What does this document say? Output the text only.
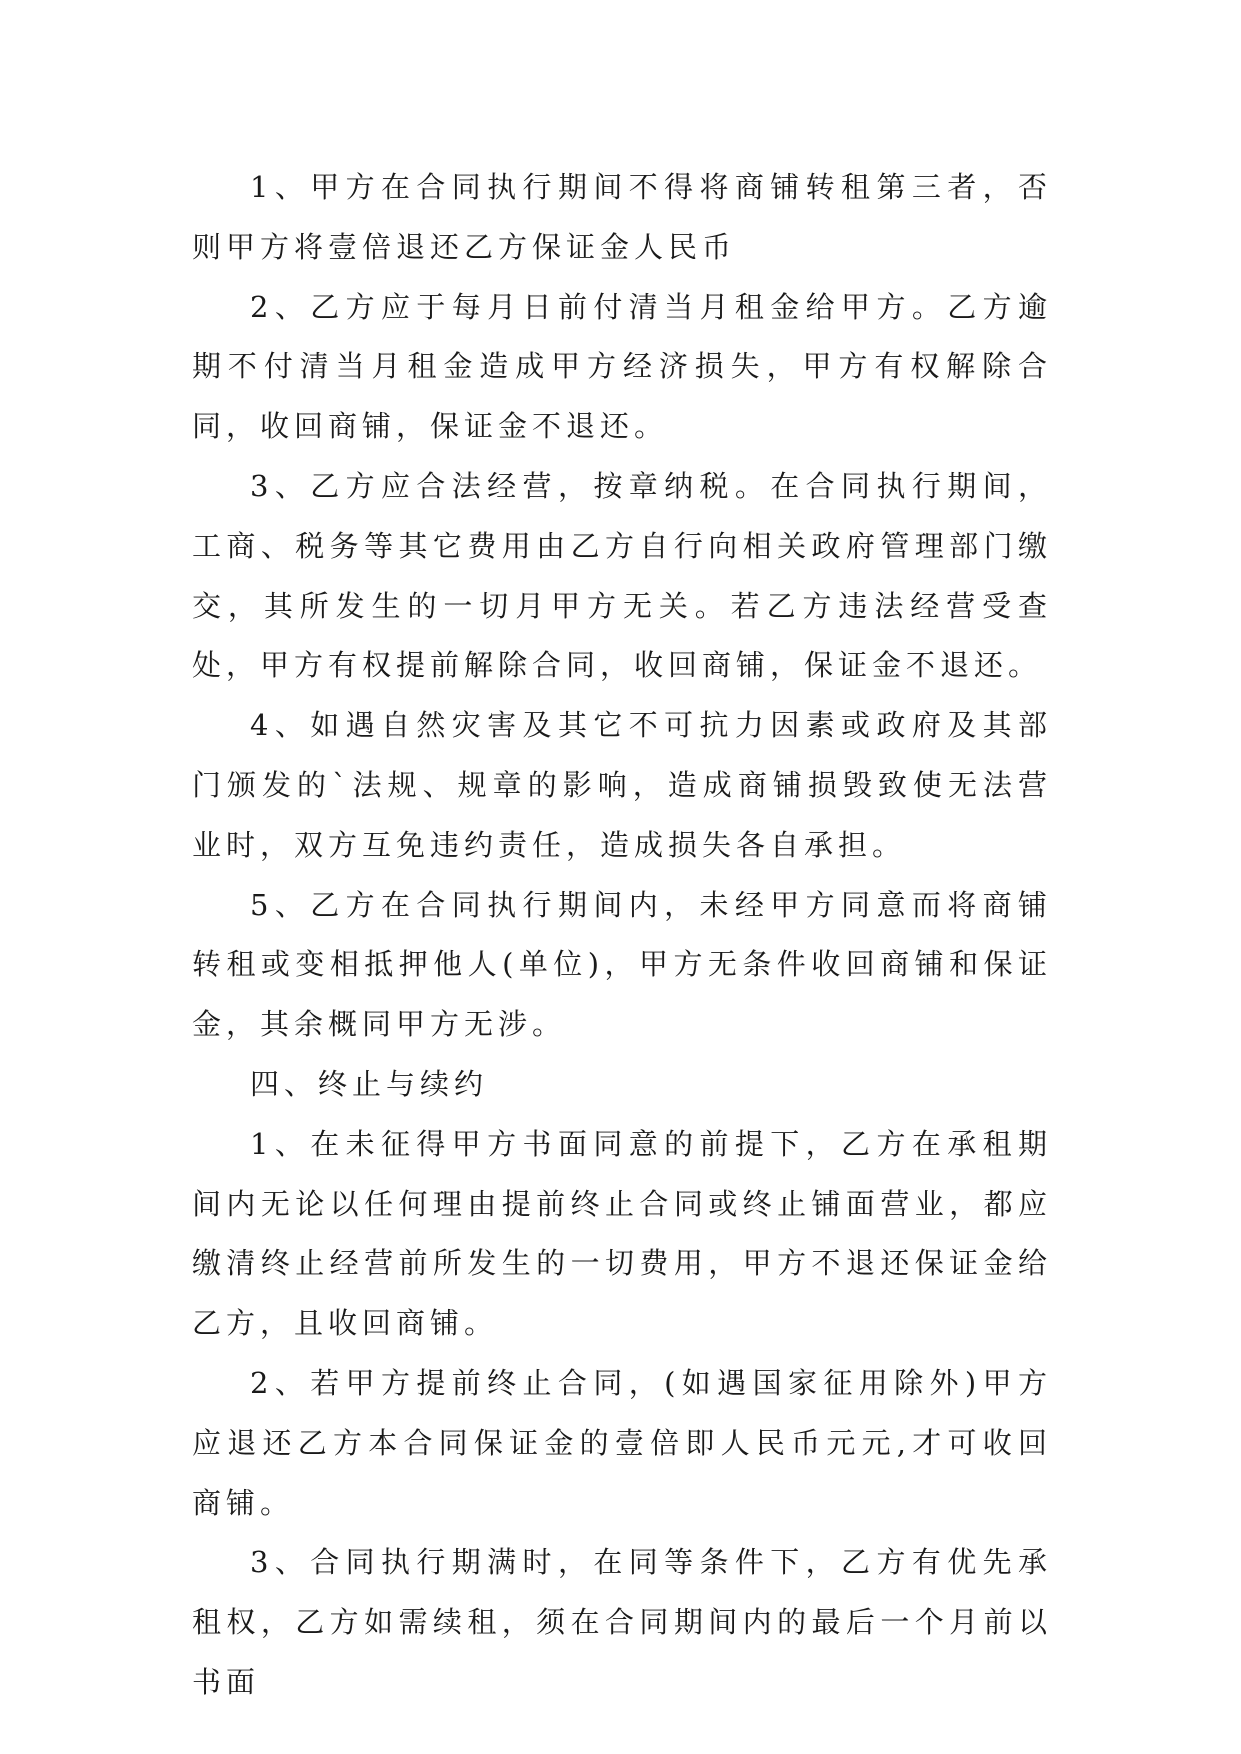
1、甲方在合同执行期间不得将商铺转租第三者，否则甲方将壹倍退还乙方保证金人民币

2、乙方应于每月日前付清当月租金给甲方。乙方逾期不付清当月租金造成甲方经济损失，甲方有权解除合同，收回商铺，保证金不退还。

3、乙方应合法经营，按章纳税。在合同执行期间，工商、税务等其它费用由乙方自行向相关政府管理部门缴交，其所发生的一切月甲方无关。若乙方违法经营受查处，甲方有权提前解除合同，收回商铺，保证金不退还。

4、如遇自然灾害及其它不可抗力因素或政府及其部门颁发的`法规、规章的影响，造成商铺损毁致使无法营业时，双方互免违约责任，造成损失各自承担。

5、乙方在合同执行期间内，未经甲方同意而将商铺转租或变相抵押他人(单位)，甲方无条件收回商铺和保证金，其余概同甲方无涉。

四、终止与续约

1、在未征得甲方书面同意的前提下，乙方在承租期间内无论以任何理由提前终止合同或终止铺面营业，都应缴清终止经营前所发生的一切费用，甲方不退还保证金给乙方，且收回商铺。

2、若甲方提前终止合同，(如遇国家征用除外)甲方应退还乙方本合同保证金的壹倍即人民币元元,才可收回商铺。

3、合同执行期满时，在同等条件下，乙方有优先承租权，乙方如需续租，须在合同期间内的最后一个月前以书面
